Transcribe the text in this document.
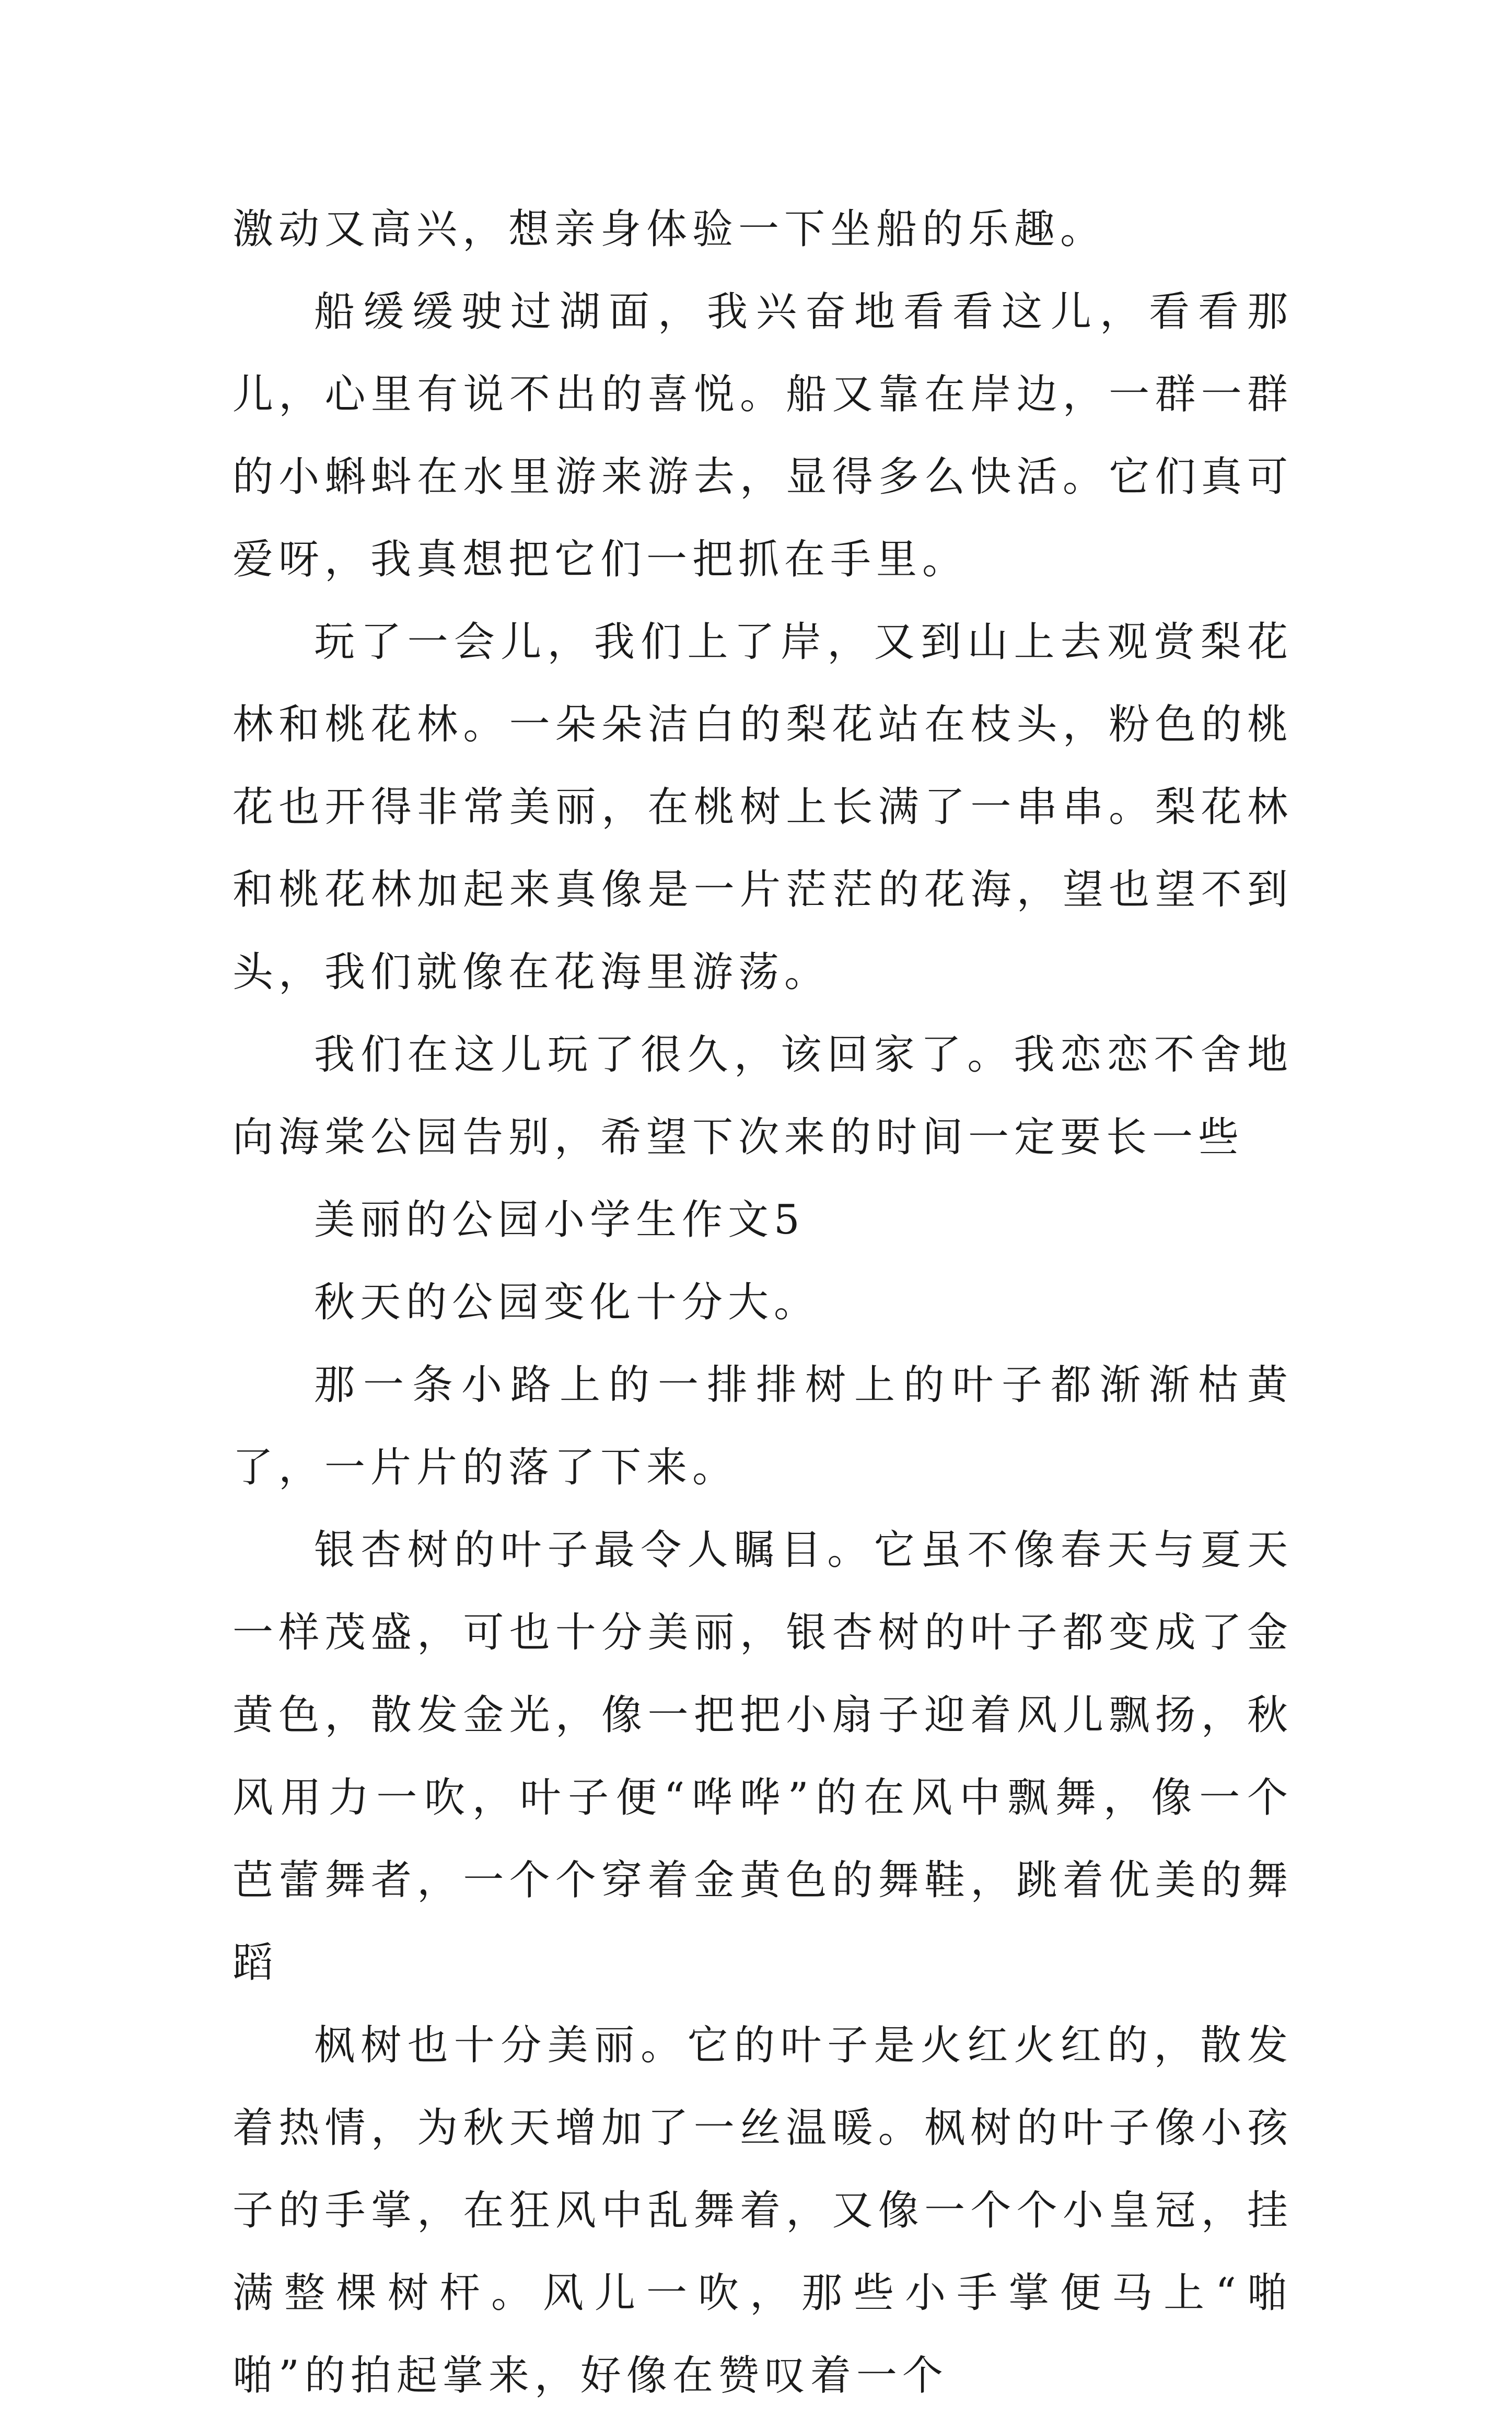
激动又高兴，想亲身体验一下坐船的乐趣。

船缓缓驶过湖面，我兴奋地看看这儿，看看那儿，心里有说不出的喜悦。船又靠在岸边，一群一群的小蝌蚪在水里游来游去，显得多么快活。它们真可爱呀，我真想把它们一把抓在手里。

玩了一会儿，我们上了岸，又到山上去观赏梨花林和桃花林。一朵朵洁白的梨花站在枝头，粉色的桃花也开得非常美丽，在桃树上长满了一串串。梨花林和桃花林加起来真像是一片茫茫的花海，望也望不到头，我们就像在花海里游荡。

我们在这儿玩了很久，该回家了。我恋恋不舍地向海棠公园告别，希望下次来的时间一定要长一些

美丽的公园小学生作文5

秋天的公园变化十分大。

那一条小路上的一排排树上的叶子都渐渐枯黄了，一片片的落了下来。

银杏树的叶子最令人瞩目。它虽不像春天与夏天一样茂盛，可也十分美丽，银杏树的叶子都变成了金黄色，散发金光，像一把把小扇子迎着风儿飘扬，秋风用力一吹，叶子便“哗哗”的在风中飘舞，像一个芭蕾舞者，一个个穿着金黄色的舞鞋，跳着优美的舞蹈

枫树也十分美丽。它的叶子是火红火红的，散发着热情，为秋天增加了一丝温暖。枫树的叶子像小孩子的手掌，在狂风中乱舞着，又像一个个小皇冠，挂满整棵树杆。风儿一吹，那些小手掌便马上“啪啪”的拍起掌来，好像在赞叹着一个
